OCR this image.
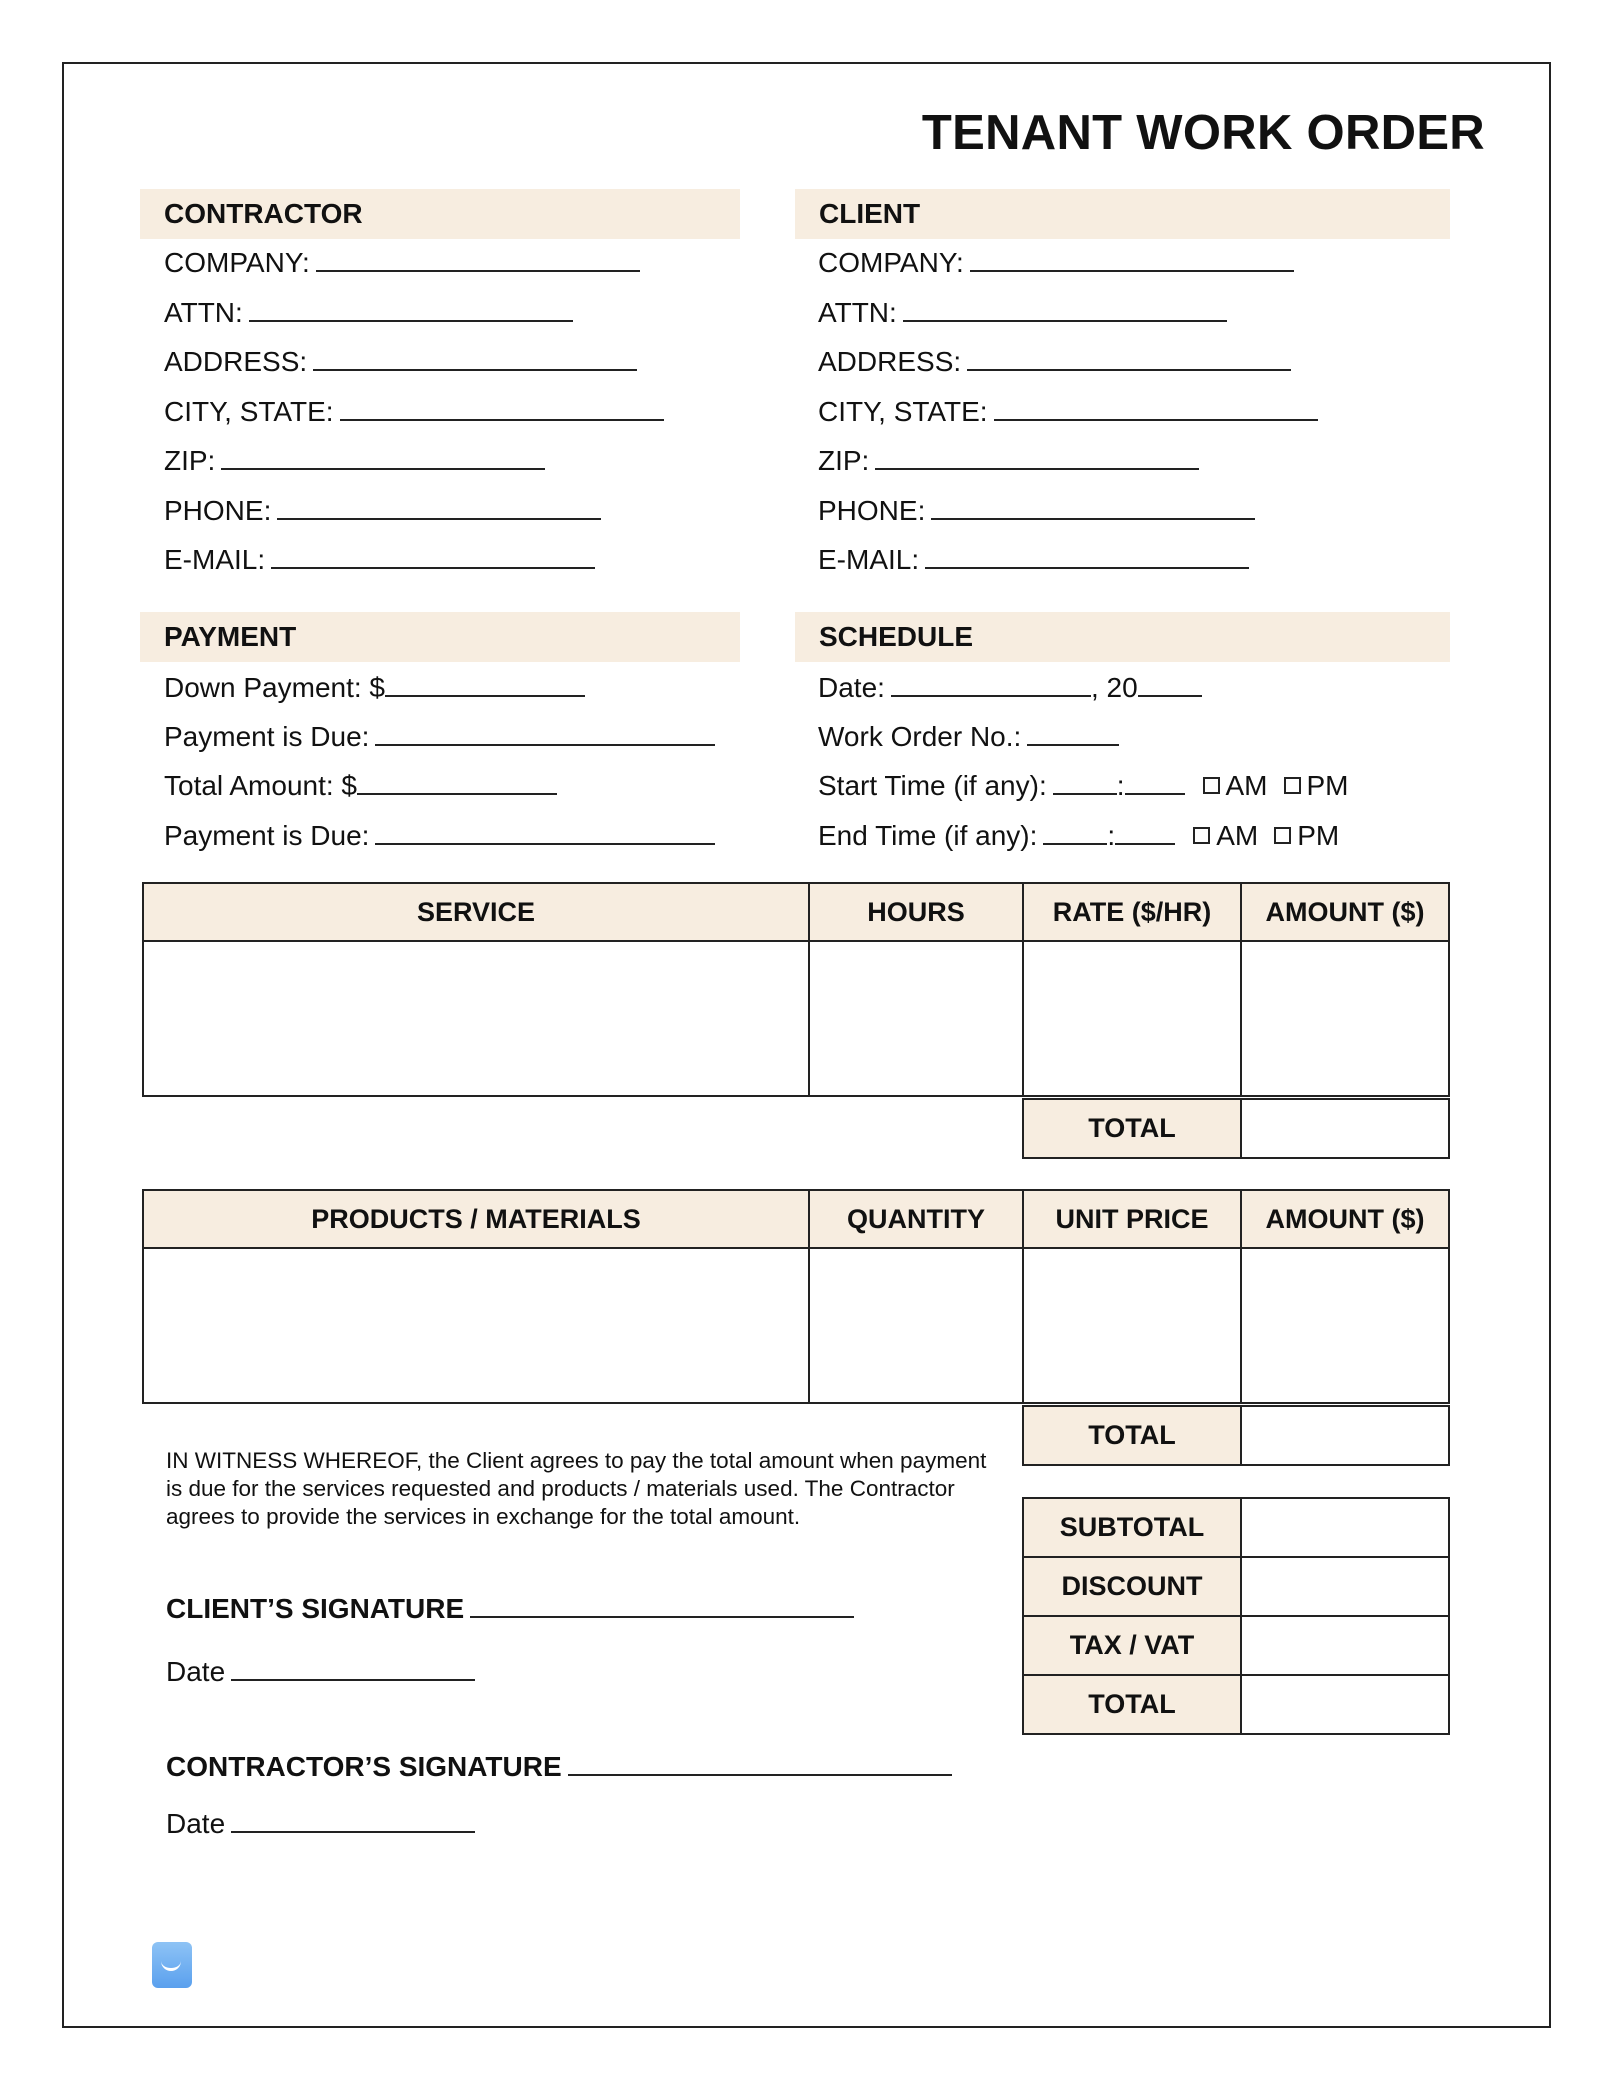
TENANT WORK ORDER
CONTRACTOR
COMPANY:
ATTN:
ADDRESS:
CITY, STATE:
ZIP:
PHONE:
E-MAIL:
CLIENT
COMPANY:
ATTN:
ADDRESS:
CITY, STATE:
ZIP:
PHONE:
E-MAIL:
PAYMENT
Down Payment: $
Payment is Due:
Total Amount: $
Payment is Due:
SCHEDULE
Date:	, 20
Work Order No.:
Start Time (if any):	:	AM PM
End Time (if any):	:	AM PM
SERVICE	HOURS	RATE ($/HR)	AMOUNT ($)

TOTAL	
PRODUCTS / MATERIALS	QUANTITY	UNIT PRICE	AMOUNT ($)

TOTAL	
IN WITNESS WHEREOF, the Client agrees to pay the total amount when payment is due for the services requested and products / materials used. The Contractor agrees to provide the services in exchange for the total amount.	SUBTOTAL	
DISCOUNT	
TAX / VAT	
TOTAL	
CLIENT’S SIGNATURE
Date
CONTRACTOR’S SIGNATURE
Date
